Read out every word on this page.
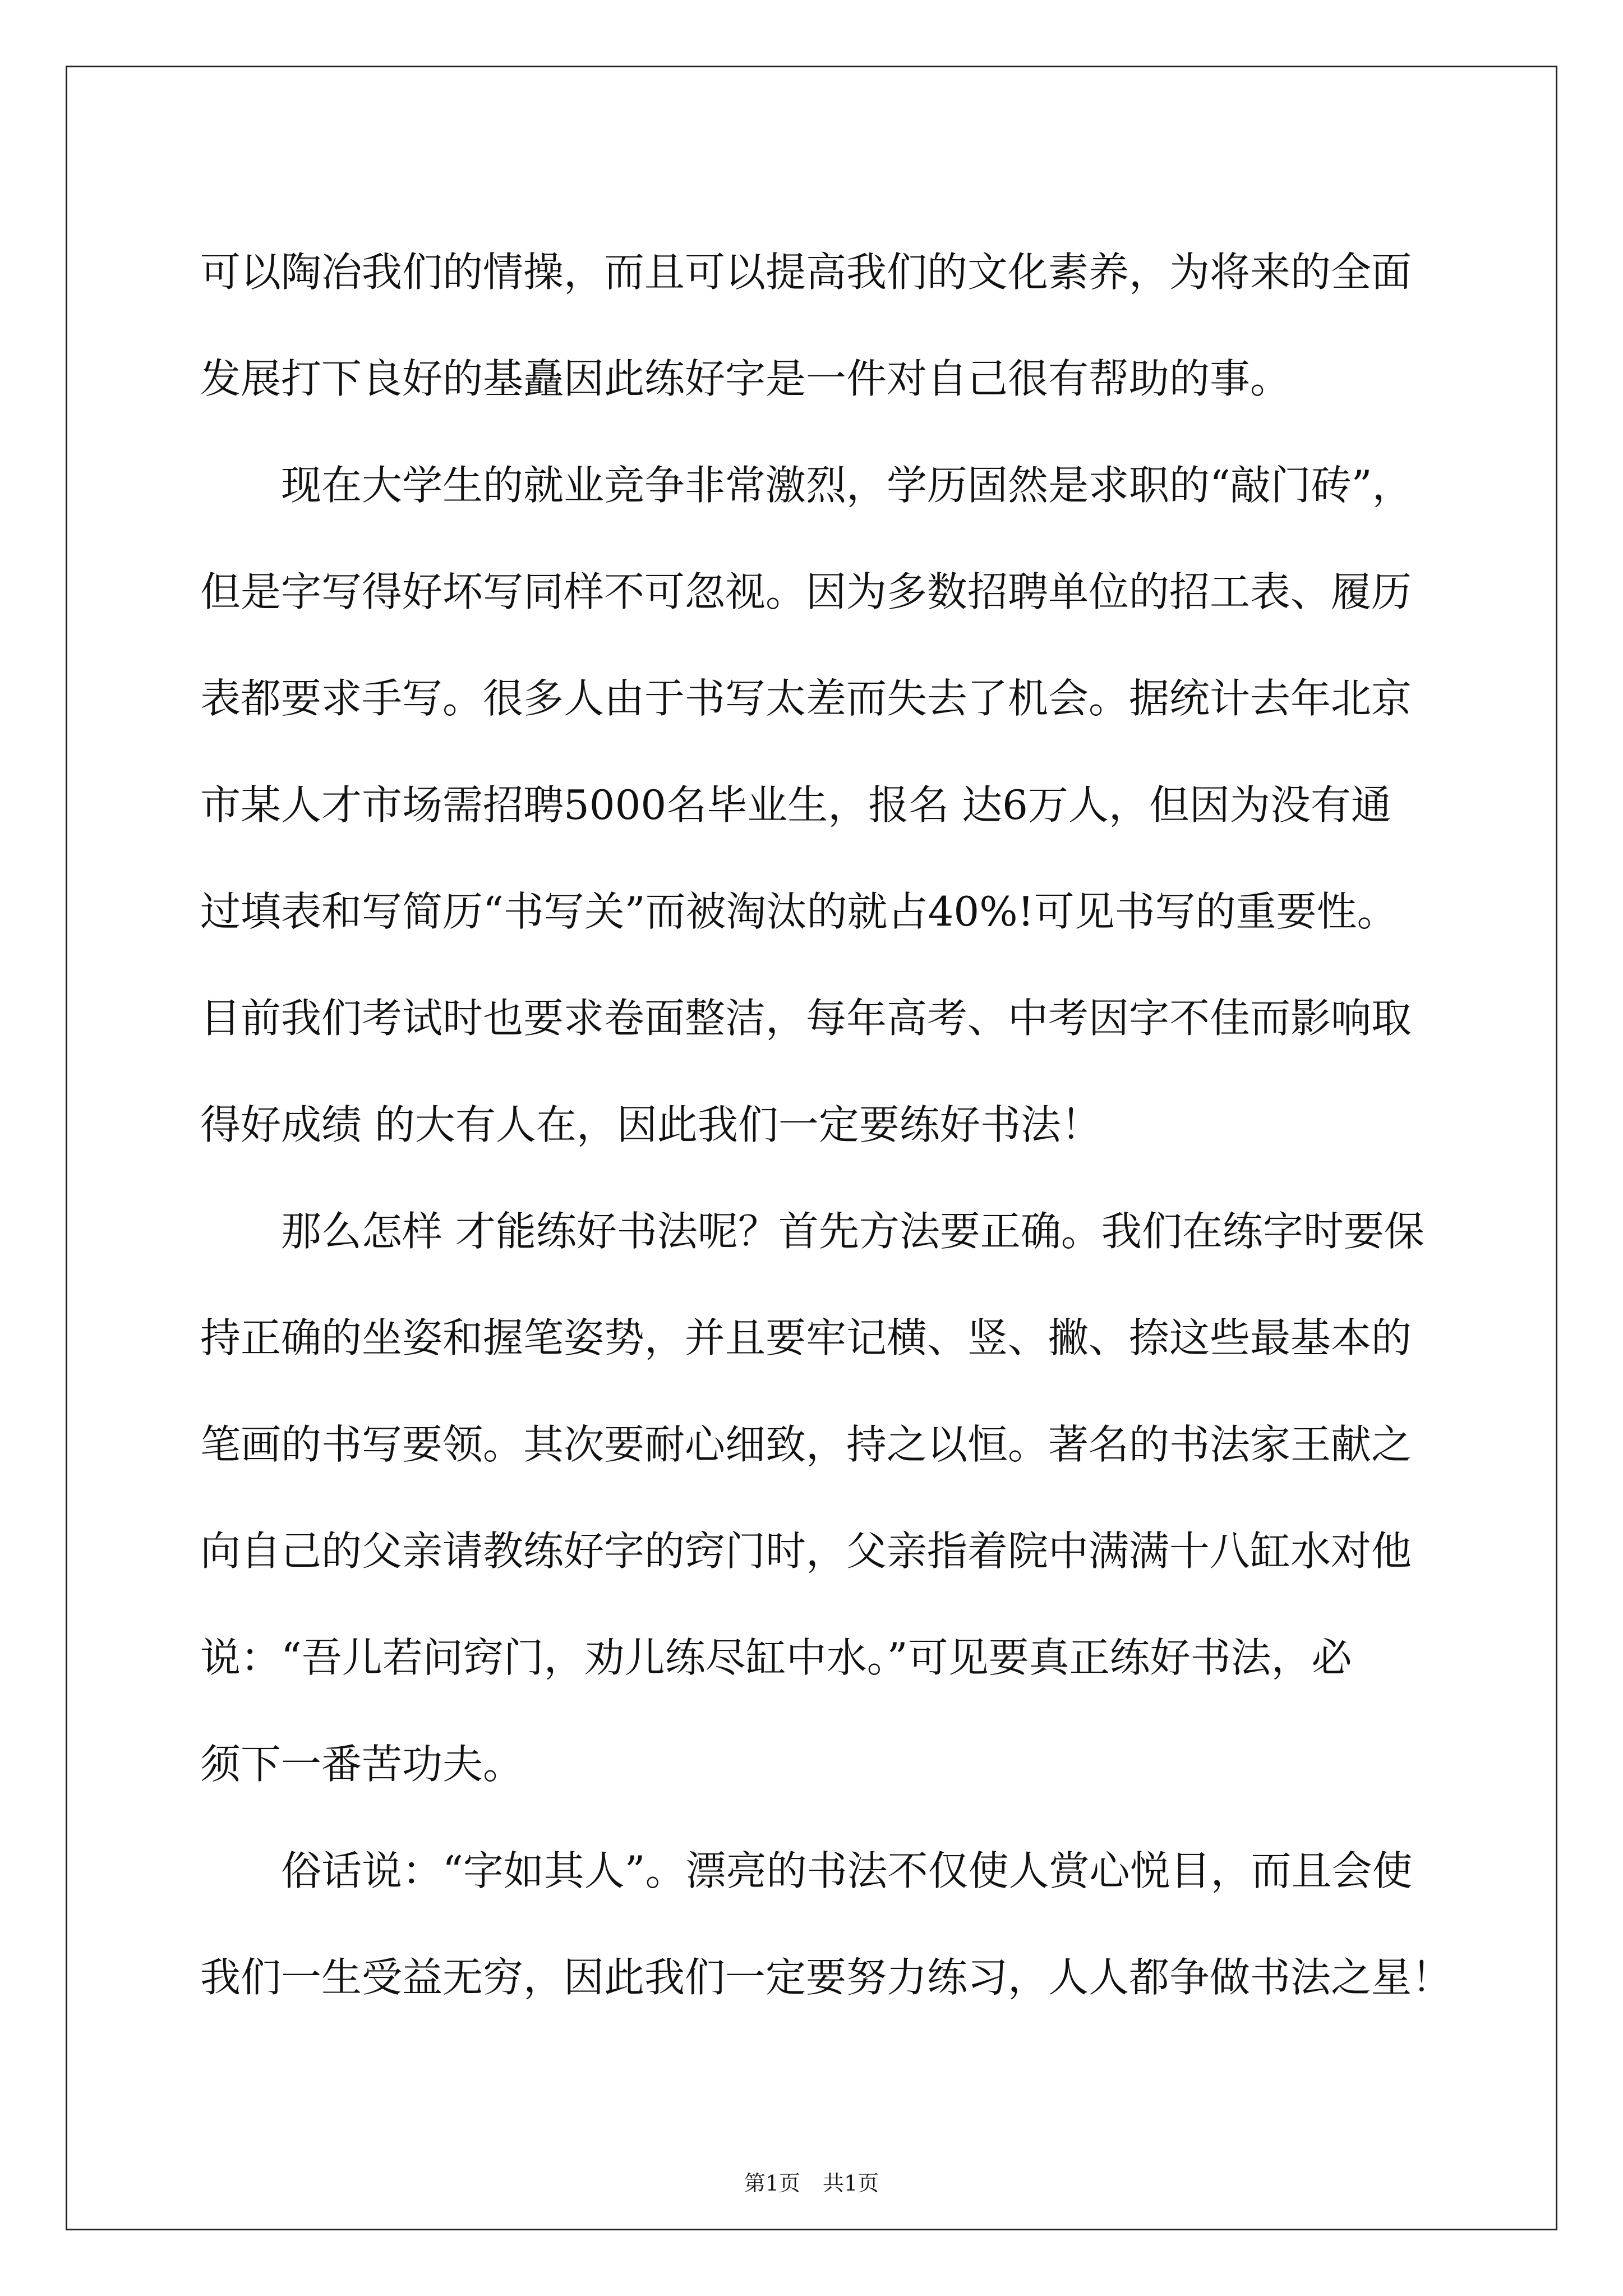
可以陶冶我们的情操，而且可以提高我们的文化素养，为将来的全面
发展打下良好的基矗因此练好字是一件对自己很有帮助的事。
现在大学生的就业竞争非常激烈，学历固然是求职的“敲门砖”，
但是字写得好坏写同样不可忽视。因为多数招聘单位的招工表、履历
表都要求手写。很多人由于书写太差而失去了机会。据统计去年北京
市某人才市场需招聘5000名毕业生，报名 达6万人，但因为没有通
过填表和写简历“书写关”而被淘汰的就占40%!可见书写的重要性。
目前我们考试时也要求卷面整洁，每年高考、中考因字不佳而影响取
得好成绩 的大有人在，因此我们一定要练好书法！
那么怎样 才能练好书法呢？首先方法要正确。我们在练字时要保
持正确的坐姿和握笔姿势，并且要牢记横、竖、撇、捺这些最基本的
笔画的书写要领。其次要耐心细致，持之以恒。著名的书法家王献之
向自己的父亲请教练好字的窍门时，父亲指着院中满满十八缸水对他
说：“吾儿若问窍门，劝儿练尽缸中水。”可见要真正练好书法，必
须下一番苦功夫。
俗话说：“字如其人”。漂亮的书法不仅使人赏心悦目，而且会使
我们一生受益无穷，因此我们一定要努力练习，人人都争做书法之星！
第1页 共1页
